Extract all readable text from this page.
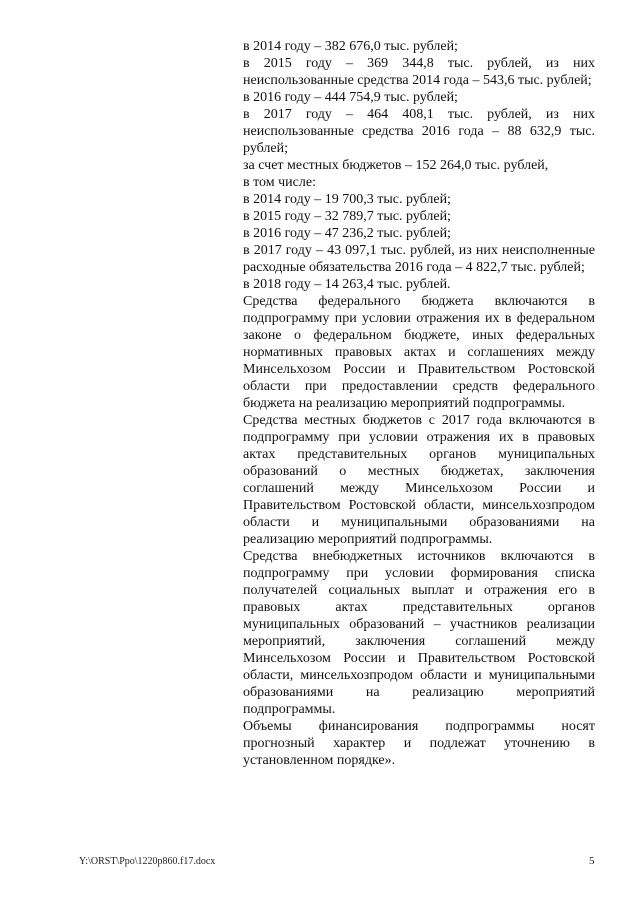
в 2014 году – 382 676,0 тыс. рублей;

в 2015 году – 369 344,8 тыс. рублей, из них неиспользованные средства 2014 года – 543,6 тыс. рублей;

в 2016 году – 444 754,9 тыс. рублей;

в 2017 году – 464 408,1 тыс. рублей, из них неиспользованные средства 2016 года – 88 632,9 тыс. рублей;

за счет местных бюджетов – 152 264,0 тыс. рублей,

в том числе:

в 2014 году – 19 700,3 тыс. рублей;

в 2015 году – 32 789,7 тыс. рублей;

в 2016 году – 47 236,2 тыс. рублей;

в 2017 году – 43 097,1 тыс. рублей, из них неисполненные расходные обязательства 2016 года – 4 822,7 тыс. рублей;

в 2018 году – 14 263,4 тыс. рублей.

Средства федерального бюджета включаются в подпрограмму при условии отражения их в федеральном законе о федеральном бюджете, иных федеральных нормативных правовых актах и соглашениях между Минсельхозом России и Правительством Ростовской области при предоставлении средств федерального бюджета на реализацию мероприятий подпрограммы.

Средства местных бюджетов с 2017 года включаются в подпрограмму при условии отражения их в правовых актах представительных органов муниципальных образований о местных бюджетах, заключения соглашений между Минсельхозом России и Правительством Ростовской области, минсельхозпродом области и муниципальными образованиями на реализацию мероприятий подпрограммы.

Средства внебюджетных источников включаются в подпрограмму при условии формирования списка получателей социальных выплат и отражения его в правовых актах представительных органов муниципальных образований – участников реализации мероприятий, заключения соглашений между Минсельхозом России и Правительством Ростовской области, минсельхозпродом области и муниципальными образованиями на реализацию мероприятий подпрограммы.

Объемы финансирования подпрограммы носят прогнозный характер и подлежат уточнению в установленном порядке».

Y:\ORST\Ppo\1220p860.f17.docx	5
